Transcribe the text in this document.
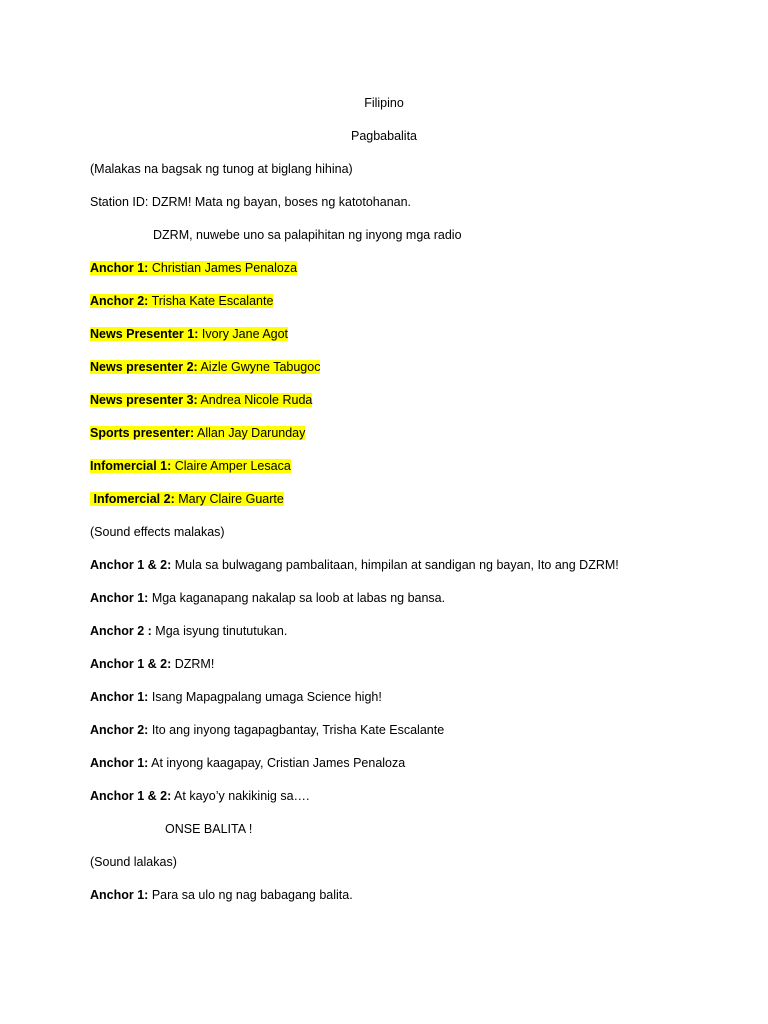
Filipino
Pagbabalita
(Malakas na bagsak ng tunog at biglang hihina)
Station ID: DZRM! Mata ng bayan, boses ng katotohanan.
DZRM, nuwebe uno sa palapihitan ng inyong mga radio
Anchor 1: Christian James Penaloza
Anchor 2: Trisha Kate Escalante
News Presenter 1: Ivory Jane Agot
News presenter 2: Aizle Gwyne Tabugoc
News presenter 3: Andrea Nicole Ruda
Sports presenter: Allan Jay Darunday
Infomercial 1: Claire Amper Lesaca
Infomercial 2: Mary Claire Guarte
(Sound effects malakas)
Anchor 1 & 2: Mula sa bulwagang pambalitaan, himpilan at sandigan ng bayan, Ito ang DZRM!
Anchor 1: Mga kaganapang nakalap sa loob at labas ng bansa.
Anchor 2 : Mga isyung tinututukan.
Anchor 1 & 2: DZRM!
Anchor 1: Isang Mapagpalang umaga Science high!
Anchor 2: Ito ang inyong tagapagbantay, Trisha Kate Escalante
Anchor 1: At inyong kaagapay, Cristian James Penaloza
Anchor 1 & 2: At kayo’y nakikinig sa….
ONSE BALITA !
(Sound lalakas)
Anchor 1: Para sa ulo ng nag babagang balita.
